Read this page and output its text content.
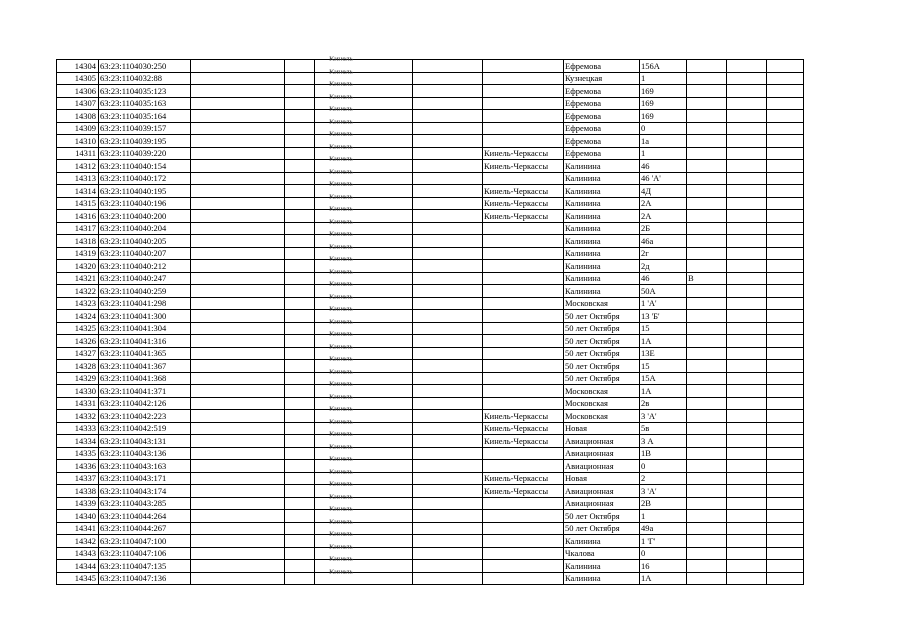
14304	63:23:1104030:250			Кинель			Ефремова	156А			
14305	63:23:1104032:88			Кинель			Кузнецкая	1			
14306	63:23:1104035:123			Кинель			Ефремова	169			
14307	63:23:1104035:163			Кинель			Ефремова	169			
14308	63:23:1104035:164			Кинель			Ефремова	169			
14309	63:23:1104039:157			Кинель			Ефремова	0			
14310	63:23:1104039:195			Кинель			Ефремова	1а			
14311	63:23:1104039:220			Кинель		Кинель-Черкассы	Ефремова	1			
14312	63:23:1104040:154			Кинель		Кинель-Черкассы	Калинина	46			
14313	63:23:1104040:172			Кинель			Калинина	46 'А'			
14314	63:23:1104040:195			Кинель		Кинель-Черкассы	Калинина	4Д			
14315	63:23:1104040:196			Кинель		Кинель-Черкассы	Калинина	2А			
14316	63:23:1104040:200			Кинель		Кинель-Черкассы	Калинина	2А			
14317	63:23:1104040:204			Кинель			Калинина	2Б			
14318	63:23:1104040:205			Кинель			Калинина	46а			
14319	63:23:1104040:207			Кинель			Калинина	2г			
14320	63:23:1104040:212			Кинель			Калинина	2д			
14321	63:23:1104040:247			Кинель			Калинина	46	В		
14322	63:23:1104040:259			Кинель			Калинина	50А			
14323	63:23:1104041:298			Кинель			Московская	1 'А'			
14324	63:23:1104041:300			Кинель			50 лет Октября	13 'Б'			
14325	63:23:1104041:304			Кинель			50 лет Октября	15			
14326	63:23:1104041:316			Кинель			50 лет Октября	1А			
14327	63:23:1104041:365			Кинель			50 лет Октября	13Е			
14328	63:23:1104041:367			Кинель			50 лет Октября	15			
14329	63:23:1104041:368			Кинель			50 лет Октября	15А			
14330	63:23:1104041:371			Кинель			Московская	1А			
14331	63:23:1104042:126			Кинель			Московская	2в			
14332	63:23:1104042:223			Кинель		Кинель-Черкассы	Московская	3 'А'			
14333	63:23:1104042:519			Кинель		Кинель-Черкассы	Новая	5в			
14334	63:23:1104043:131			Кинель		Кинель-Черкассы	Авиационная	3 А			
14335	63:23:1104043:136			Кинель			Авиационная	1В			
14336	63:23:1104043:163			Кинель			Авиационная	0			
14337	63:23:1104043:171			Кинель		Кинель-Черкассы	Новая	2			
14338	63:23:1104043:174			Кинель		Кинель-Черкассы	Авиационная	3 'А'			
14339	63:23:1104043:285			Кинель			Авиационная	2В			
14340	63:23:1104044:264			Кинель			50 лет Октября	1			
14341	63:23:1104044:267			Кинель			50 лет Октября	49а			
14342	63:23:1104047:100			Кинель			Калинина	1 'Г'			
14343	63:23:1104047:106			Кинель			Чкалова	0			
14344	63:23:1104047:135			Кинель			Калинина	16			
14345	63:23:1104047:136			Кинель			Калинина	1А			
